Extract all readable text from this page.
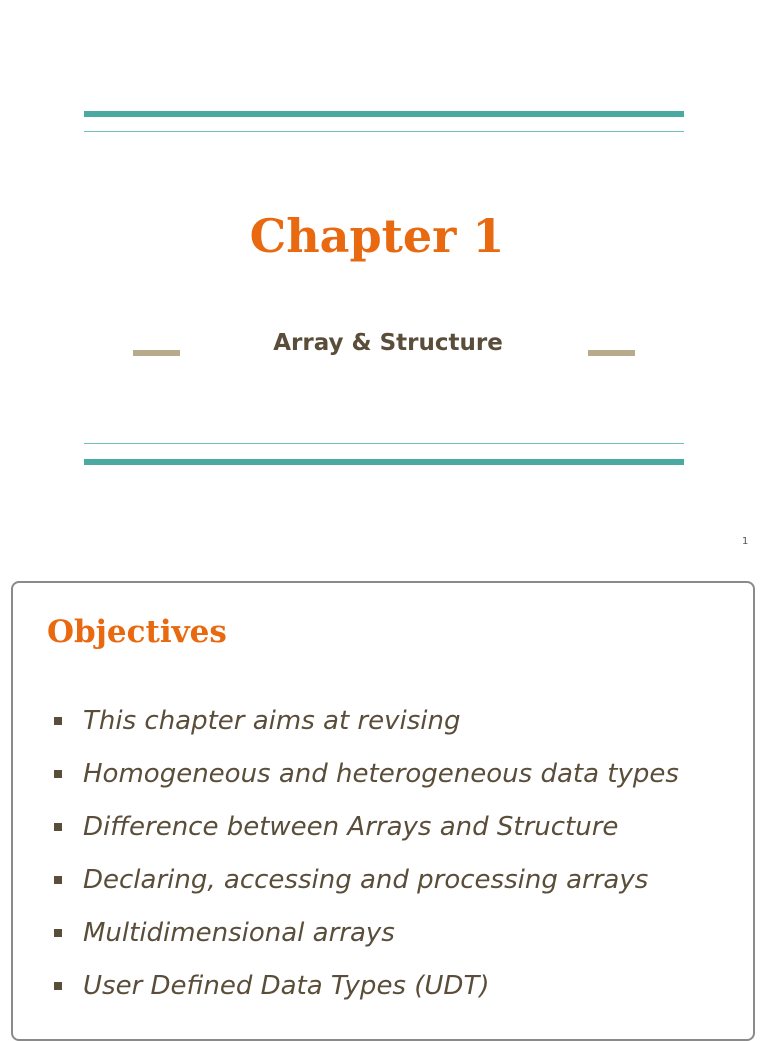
Chapter 1
Array & Structure
1
Objectives
This chapter aims at revising
Homogeneous and heterogeneous data types
Difference between Arrays and Structure
Declaring, accessing and processing arrays
Multidimensional arrays
User Defined Data Types (UDT)
